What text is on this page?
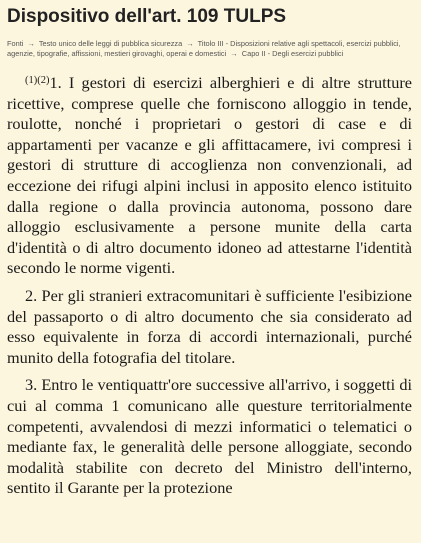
Dispositivo dell'art. 109 TULPS
Fonti → Testo unico delle leggi di pubblica sicurezza → Titolo III - Disposizioni relative agli spettacoli, esercizi pubblici, agenzie, tipografie, affissioni, mestieri girovaghi, operai e domestici → Capo II - Degli esercizi pubblici

$^{(1)(2)}$1. I gestori di esercizi alberghieri e di altre strutture ricettive, comprese quelle che forniscono alloggio in tende, roulotte, nonché i proprietari o gestori di case e di appartamenti per vacanze e gli affittacamere, ivi compresi i gestori di strutture di accoglienza non convenzionali, ad eccezione dei rifugi alpini inclusi in apposito elenco istituito dalla regione o dalla provincia autonoma, possono dare alloggio esclusivamente a persone munite della carta d'identità o di altro documento idoneo ad attestarne l'identità secondo le norme vigenti.

2. Per gli stranieri extracomunitari è sufficiente l'esibizione del passaporto o di altro documento che sia considerato ad esso equivalente in forza di accordi internazionali, purché munito della fotografia del titolare.

3. Entro le ventiquattr'ore successive all'arrivo, i soggetti di cui al comma 1 comunicano alle questure territorialmente competenti, avvalendosi di mezzi informatici o telematici o mediante fax, le generalità delle persone alloggiate, secondo modalità stabilite con decreto del Ministro dell'interno, sentito il Garante per la protezione
